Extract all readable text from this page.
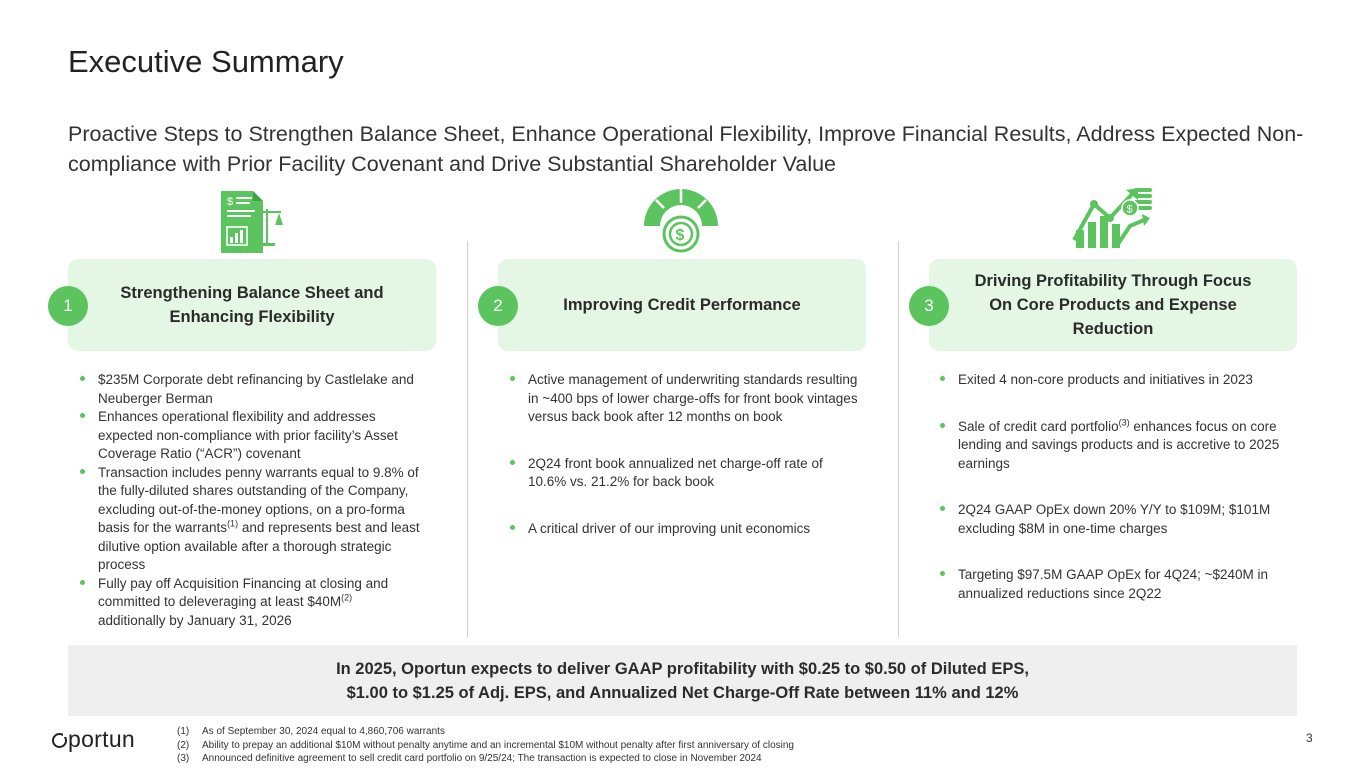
Executive Summary
Proactive Steps to Strengthen Balance Sheet, Enhance Operational Flexibility, Improve Financial Results, Address Expected Non-compliance with Prior Facility Covenant and Drive Substantial Shareholder Value
$
$
$
Strengthening Balance Sheet and Enhancing Flexibility
1
$235M Corporate debt refinancing by Castlelake and Neuberger Berman
Enhances operational flexibility and addresses expected non-compliance with prior facility’s Asset Coverage Ratio (“ACR”) covenant
Transaction includes penny warrants equal to 9.8% of the fully-diluted shares outstanding of the Company, excluding out-of-the-money options, on a pro-forma basis for the warrants$^{(1)}$ and represents best and least dilutive option available after a thorough strategic process
Fully pay off Acquisition Financing at closing and committed to deleveraging at least $\$40M^{(2)}$ additionally by January 31, 2026
Improving Credit Performance
2
Active management of underwriting standards resulting in ~400 bps of lower charge-offs for front book vintages versus back book after 12 months on book
2Q24 front book annualized net charge-off rate of 10.6% vs. 21.2% for back book
A critical driver of our improving unit economics
Driving Profitability Through Focus On Core Products and Expense Reduction
3
Exited 4 non-core products and initiatives in 2023
Sale of credit card portfolio$^{(3)}$ enhances focus on core lending and savings products and is accretive to 2025 earnings
2Q24 GAAP OpEx down 20% Y/Y to $109M; $101M excluding $8M in one-time charges
Targeting $97.5M GAAP OpEx for 4Q24; ~$240M in annualized reductions since 2Q22
In 2025, Oportun expects to deliver GAAP profitability with $0.25 to $0.50 of Diluted EPS,
$1.00 to $1.25 of Adj. EPS, and Annualized Net Charge-Off Rate between 11% and 12%
portun	(1)	As of September 30, 2024 equal to 4,860,706 warrants
(2)	Ability to prepay an additional $10M without penalty anytime and an incremental $10M without penalty after first anniversary of closing
(3)	Announced definitive agreement to sell credit card portfolio on 9/25/24; The transaction is expected to close in November 2024
3
